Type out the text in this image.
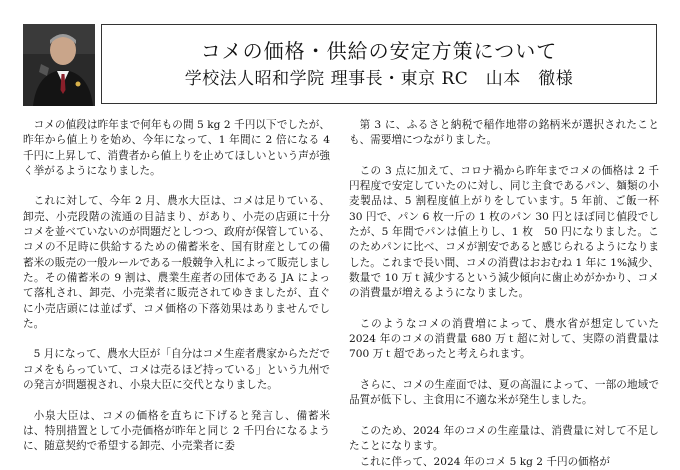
コメの価格・供給の安定方策について
学校法人昭和学院 理事長・東京 RC　山本　徹様

コメの値段は昨年まで何年もの間 5 kg 2 千円以下でしたが、昨年から値上りを始め、今年になって、1 年間に 2 倍になる 4 千円に上昇して、消費者から値上りを止めてほしいという声が強く挙がるようになりました。

これに対して、今年 2 月、農水大臣は、コメは足りている、卸売、小売段階の流通の目詰まり、があり、小売の店頭に十分コメを並べていないのが問題だとしつつ、政府が保管している、コメの不足時に供給するための備蓄米を、国有財産としての備蓄米の販売の一般ルールである一般競争入札によって販売しました。その備蓄米の 9 割は、農業生産者の団体である JA によって落札され、卸売、小売業者に販売されてゆきましたが、直ぐに小売店頭には並ばず、コメ価格の下落効果はありませんでした。

5 月になって、農水大臣が「自分はコメ生産者農家からただでコメをもらっていて、コメは売るほど持っている」という九州での発言が問題視され、小泉大臣に交代となりました。

小泉大臣は、コメの価格を直ちに下げると発言し、備蓄米は、特別措置として小売価格が昨年と同じ 2 千円台になるように、随意契約で希望する卸売、小売業者に委

第 3 に、ふるさと納税で稲作地帯の銘柄米が選択されたことも、需要増につながりました。

この 3 点に加えて、コロナ禍から昨年までコメの価格は 2 千円程度で安定していたのに対し、同じ主食であるパン、麺類の小麦製品は、5 割程度値上がりをしています。5 年前、ご飯一杯 30 円で、パン 6 枚一斤の 1 枚のパン 30 円とほぼ同じ値段でしたが、5 年間でパンは値上りし、1 枚　50 円になりました。このためパンに比べ、コメが割安であると感じられるようになりました。これまで長い間、コメの消費はおおむね 1 年に 1%減少、数量で 10 万ｔ減少するという減少傾向に歯止めがかかり、コメの消費量が増えるようになりました。

このようなコメの消費増によって、農水省が想定していた 2024 年のコメの消費量 680 万ｔ超に対して、実際の消費量は 700 万ｔ超であったと考えられます。

さらに、コメの生産面では、夏の高温によって、一部の地域で品質が低下し、主食用に不適な米が発生しました。

このため、2024 年のコメの生産量は、消費量に対して不足したことになります。

これに伴って、2024 年のコメ 5 kg 2 千円の価格が
